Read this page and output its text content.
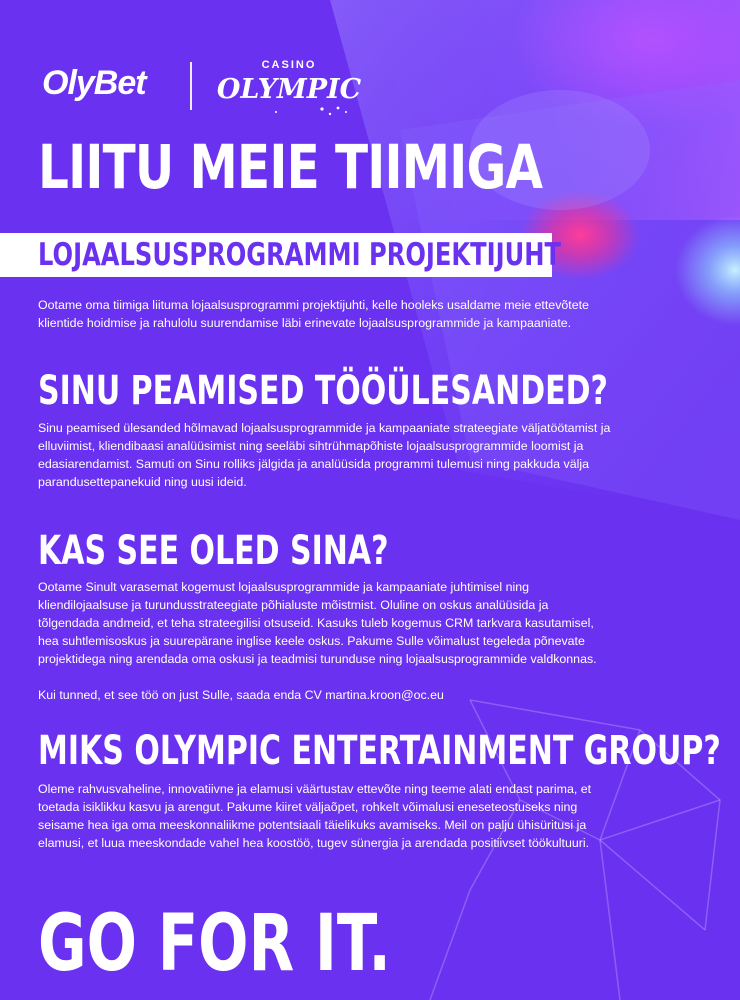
OlyBet	CASINO
OLYMPIC
LIITU MEIE TIIMIGA
LOJAALSUSPROGRAMMI PROJEKTIJUHT

Ootame oma tiimiga liituma lojaalsusprogrammi projektijuhti, kelle hooleks usaldame meie ettevõtete klientide hoidmise ja rahulolu suurendamise läbi erinevate lojaalsusprogrammide ja kampaaniate.

SINU PEAMISED TÖÖÜLESANDED?

Sinu peamised ülesanded hõlmavad lojaalsusprogrammide ja kampaaniate strateegiate väljatöötamist ja elluviimist, kliendibaasi analüüsimist ning seeläbi sihtrühmapõhiste lojaalsusprogrammide loomist ja edasiarendamist. Samuti on Sinu rolliks jälgida ja analüüsida programmi tulemusi ning pakkuda välja parandusettepanekuid ning uusi ideid.

KAS SEE OLED SINA?

Ootame Sinult varasemat kogemust lojaalsusprogrammide ja kampaaniate juhtimisel ning kliendilojaalsuse ja turundusstrateegiate põhialuste mõistmist. Oluline on oskus analüüsida ja tõlgendada andmeid, et teha strateegilisi otsuseid. Kasuks tuleb kogemus CRM tarkvara kasutamisel, hea suhtlemisoskus ja suurepärane inglise keele oskus. Pakume Sulle võimalust tegeleda põnevate projektidega ning arendada oma oskusi ja teadmisi turunduse ning lojaalsusprogrammide valdkonnas.

Kui tunned, et see töö on just Sulle, saada enda CV martina.kroon@oc.eu

MIKS OLYMPIC ENTERTAINMENT GROUP?

Oleme rahvusvaheline, innovatiivne ja elamusi väärtustav ettevõte ning teeme alati endast parima, et toetada isiklikku kasvu ja arengut. Pakume kiiret väljaõpet, rohkelt võimalusi eneseteostuseks ning seisame hea iga oma meeskonnaliikme potentsiaali täielikuks avamiseks. Meil on palju ühisüritusi ja elamusi, et luua meeskondade vahel hea koostöö, tugev sünergia ja arendada positiivset töökultuuri.

GO FOR IT.
